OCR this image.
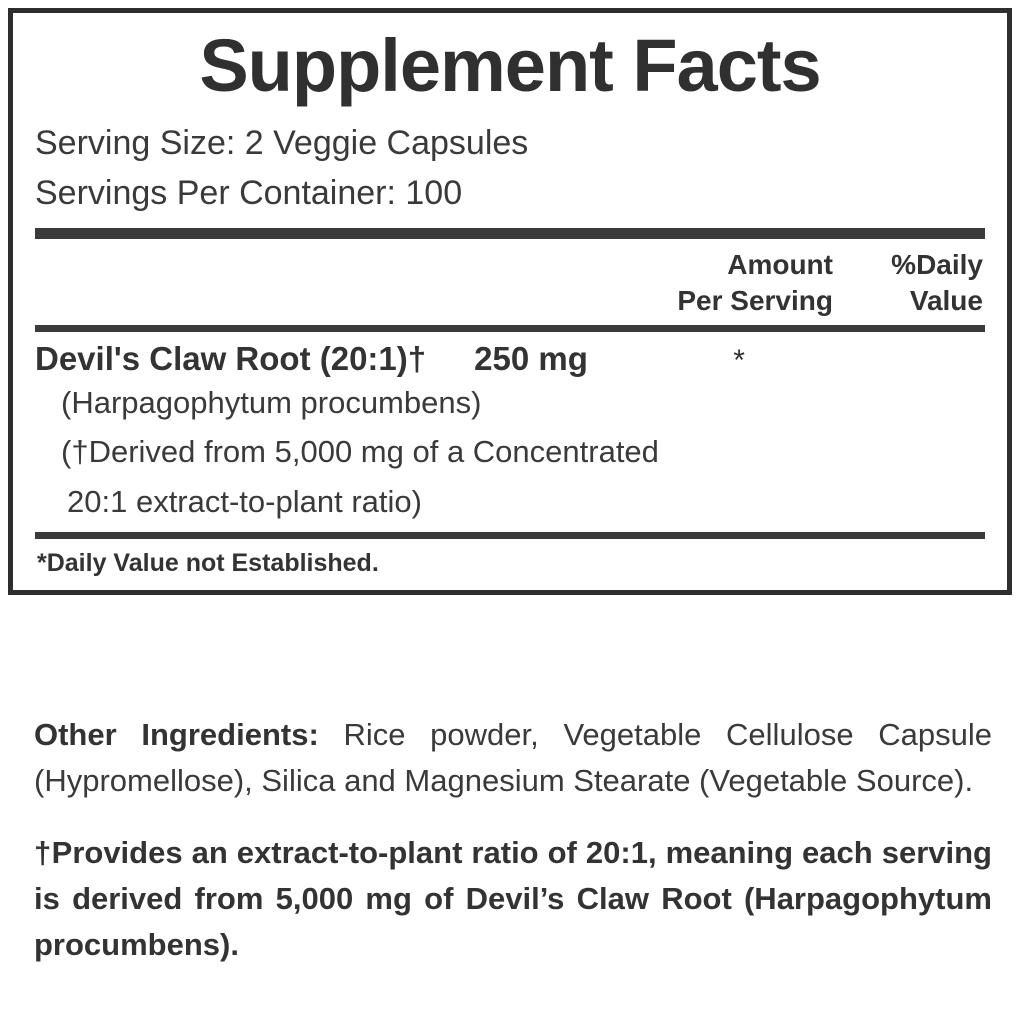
Supplement Facts
Serving Size: 2 Veggie Capsules
Servings Per Container: 100
Amount
Per Serving
%Daily
Value
Devil's Claw Root (20:1)† 250 mg	*
(Harpagophytum procumbens)
(†Derived from 5,000 mg of a Concentrated
20:1 extract-to-plant ratio)
*Daily Value not Established.

Other Ingredients: Rice powder, Vegetable Cellulose Capsule (Hypromellose), Silica and Magnesium Stearate (Vegetable Source).

†Provides an extract-to-plant ratio of 20:1, meaning each serving is derived from 5,000 mg of Devil’s Claw Root (Harpagophytum procumbens).
